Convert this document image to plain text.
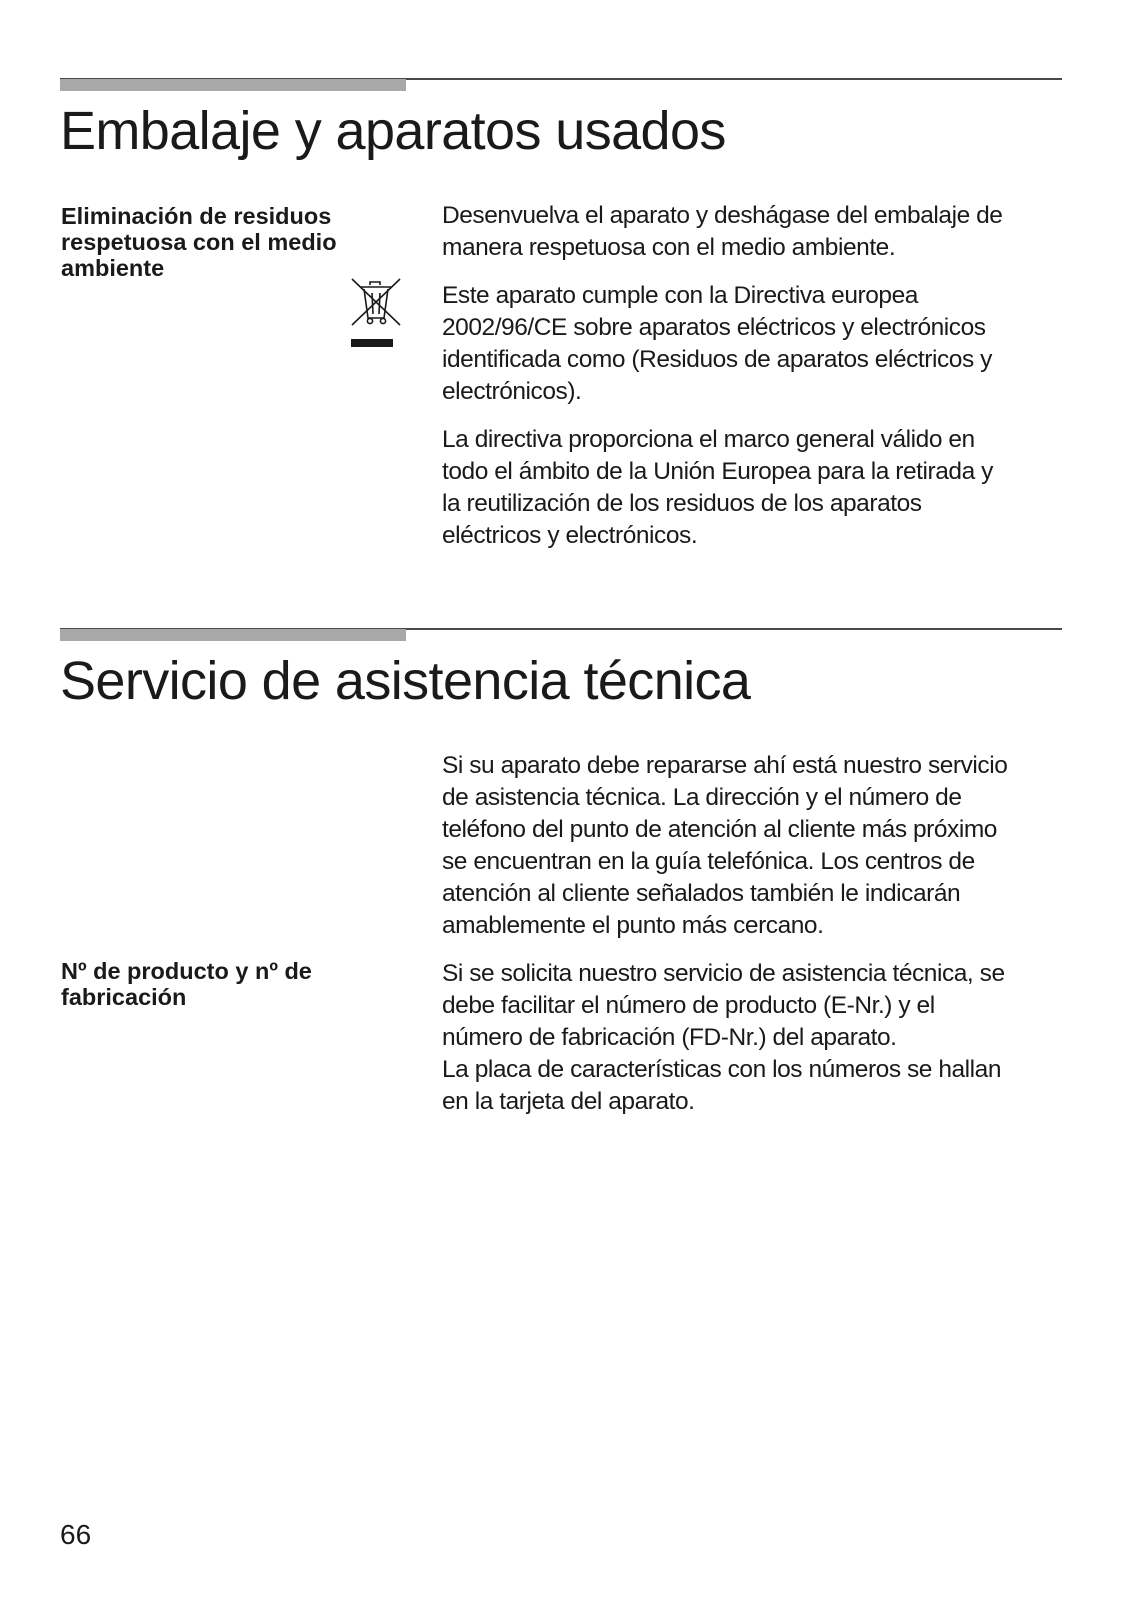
Embalaje y aparatos usados
Eliminación de residuos
respetuosa con el medio
ambiente

Desenvuelva el aparato y deshágase del embalaje de
manera respetuosa con el medio ambiente.

Este aparato cumple con la Directiva europea
2002/96/CE sobre aparatos eléctricos y electrónicos
identificada como (Residuos de aparatos eléctricos y
electrónicos).

La directiva proporciona el marco general válido en
todo el ámbito de la Unión Europea para la retirada y
la reutilización de los residuos de los aparatos
eléctricos y electrónicos.

Servicio de asistencia técnica

Si su aparato debe repararse ahí está nuestro servicio
de asistencia técnica. La dirección y el número de
teléfono del punto de atención al cliente más próximo
se encuentran en la guía telefónica. Los centros de
atención al cliente señalados también le indicarán
amablemente el punto más cercano.

Si se solicita nuestro servicio de asistencia técnica, se
debe facilitar el número de producto (E-Nr.) y el
número de fabricación (FD-Nr.) del aparato.
La placa de características con los números se hallan
en la tarjeta del aparato.

Nº de producto y nº de
fabricación
66
